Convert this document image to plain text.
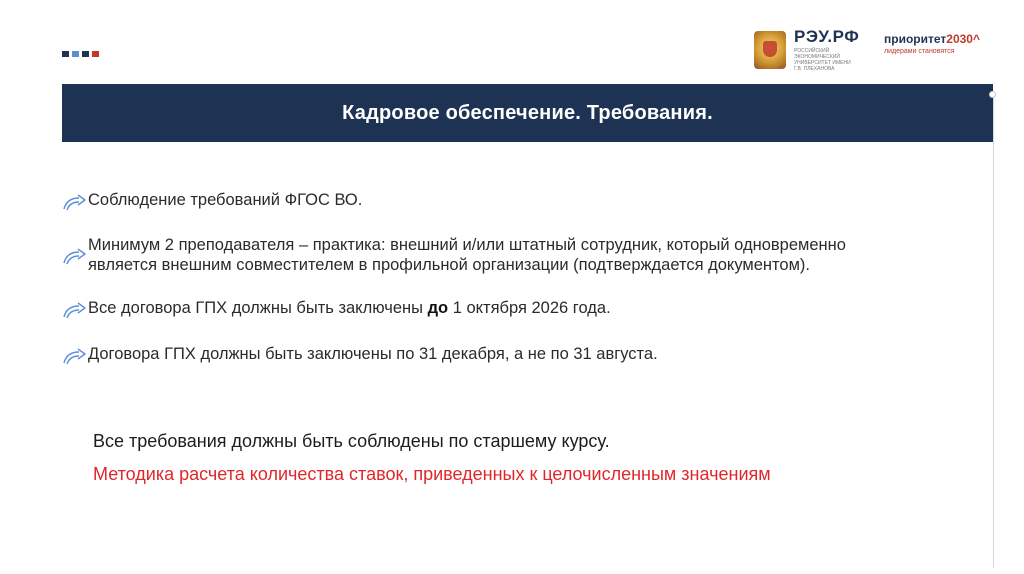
РЭУ.РФ
РОССИЙСКИЙ ЭКОНОМИЧЕСКИЙ УНИВЕРСИТЕТ ИМЕНИ Г.В. ПЛЕХАНОВА
приоритет2030^
лидерами становятся
Кадровое обеспечение. Требования.
Соблюдение требований ФГОС ВО.
Минимум 2 преподавателя – практика: внешний и/или штатный сотрудник, который одновременно
является внешним совместителем в профильной организации (подтверждается документом).
Все договора ГПХ должны быть заключены до 1 октября 2026 года.
Договора ГПХ должны быть заключены по 31 декабря, а не по 31 августа.
Все требования должны быть соблюдены по старшему курсу.
Методика расчета количества ставок, приведенных к целочисленным значениям
